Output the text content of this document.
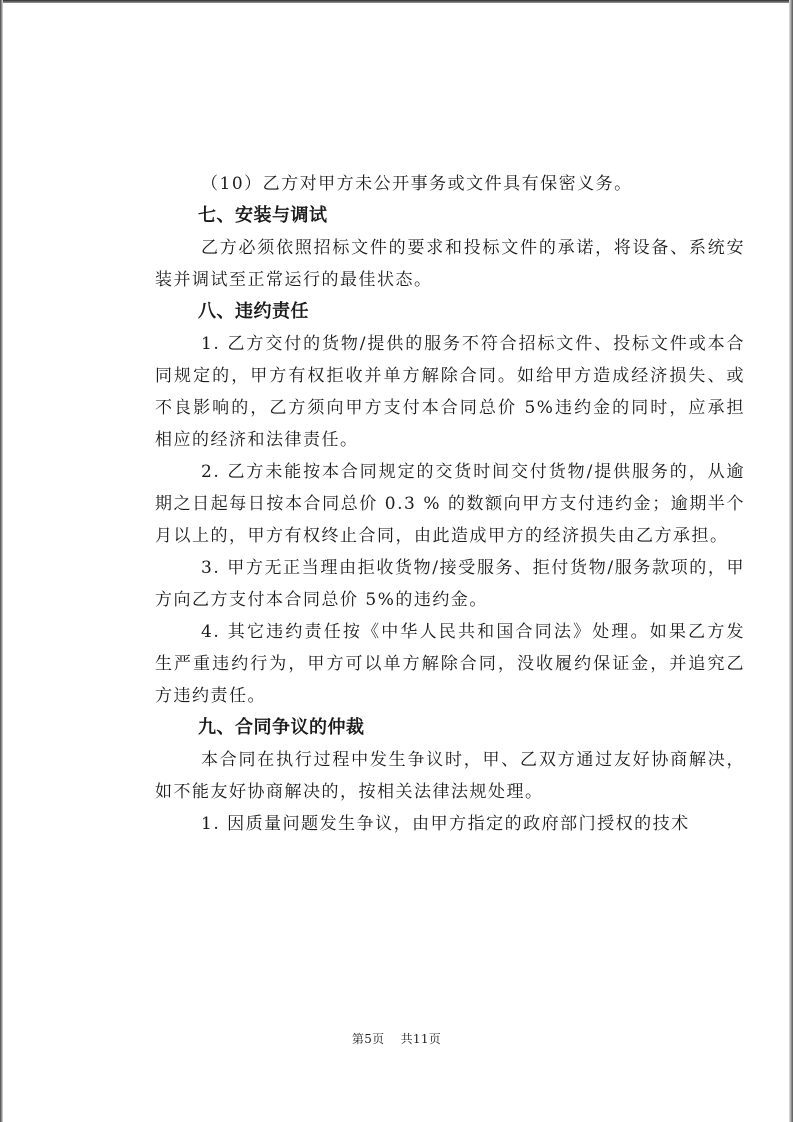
（10）乙方对甲方未公开事务或文件具有保密义务。

七、安装与调试

乙方必须依照招标文件的要求和投标文件的承诺，将设备、系统安装并调试至正常运行的最佳状态。

八、违约责任

1. 乙方交付的货物/提供的服务不符合招标文件、投标文件或本合同规定的，甲方有权拒收并单方解除合同。如给甲方造成经济损失、或不良影响的，乙方须向甲方支付本合同总价 5%违约金的同时，应承担相应的经济和法律责任。

2. 乙方未能按本合同规定的交货时间交付货物/提供服务的，从逾期之日起每日按本合同总价 0.3 % 的数额向甲方支付违约金；逾期半个月以上的，甲方有权终止合同，由此造成甲方的经济损失由乙方承担。

3. 甲方无正当理由拒收货物/接受服务、拒付货物/服务款项的，甲方向乙方支付本合同总价 5%的违约金。

4. 其它违约责任按《中华人民共和国合同法》处理。如果乙方发生严重违约行为，甲方可以单方解除合同，没收履约保证金，并追究乙方违约责任。

九、合同争议的仲裁

本合同在执行过程中发生争议时，甲、乙双方通过友好协商解决，如不能友好协商解决的，按相关法律法规处理。

1. 因质量问题发生争议，由甲方指定的政府部门授权的技术

第5页 共11页
